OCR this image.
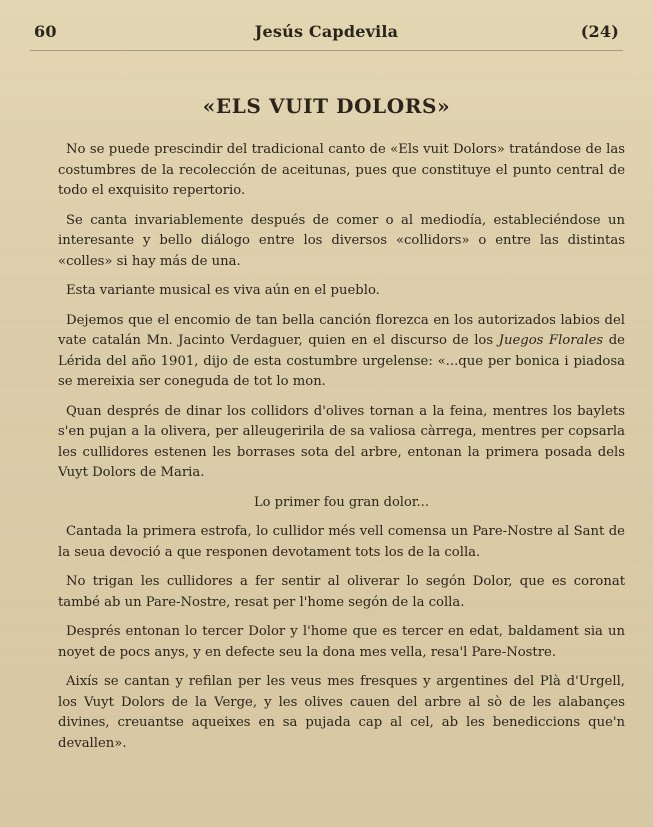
60	Jesús Capdevila	(24)
«ELS VUIT DOLORS»

No se puede prescindir del tradicional canto de «Els vuit Dolors» tratándose de las costumbres de la recolección de aceitunas, pues que constituye el punto central de todo el exquisito repertorio.

Se canta invariablemente después de comer o al mediodía, estableciéndose un interesante y bello diálogo entre los diversos «collidors» o entre las distintas «colles» si hay más de una.

Esta variante musical es viva aún en el pueblo.

Dejemos que el encomio de tan bella canción florezca en los autorizados labios del vate catalán Mn. Jacinto Verdaguer, quien en el discurso de los Juegos Florales de Lérida del año 1901, dijo de esta costumbre urgelense: «...que per bonica i piadosa se mereixia ser coneguda de tot lo mon.

Quan després de dinar los collidors d'olives tornan a la feina, mentres los baylets s'en pujan a la olivera, per alleugeririla de sa valiosa càrrega, mentres per copsarla les cullidores estenen les borrases sota del arbre, entonan la primera posada dels Vuyt Dolors de Maria.

Lo primer fou gran dolor...

Cantada la primera estrofa, lo cullidor més vell comensa un Pare-Nostre al Sant de la seua devoció a que responen devotament tots los de la colla.

No trigan les cullidores a fer sentir al oliverar lo segón Dolor, que es coronat també ab un Pare-Nostre, resat per l'home segón de la colla.

Després entonan lo tercer Dolor y l'home que es tercer en edat, baldament sia un noyet de pocs anys, y en defecte seu la dona mes vella, resa'l Pare-Nostre.

Aixís se cantan y refilan per les veus mes fresques y argentines del Plà d'Urgell, los Vuyt Dolors de la Verge, y les olives cauen del arbre al sò de les alabançes divines, creuantse aqueixes en sa pujada cap al cel, ab les benediccions que'n devallen».
